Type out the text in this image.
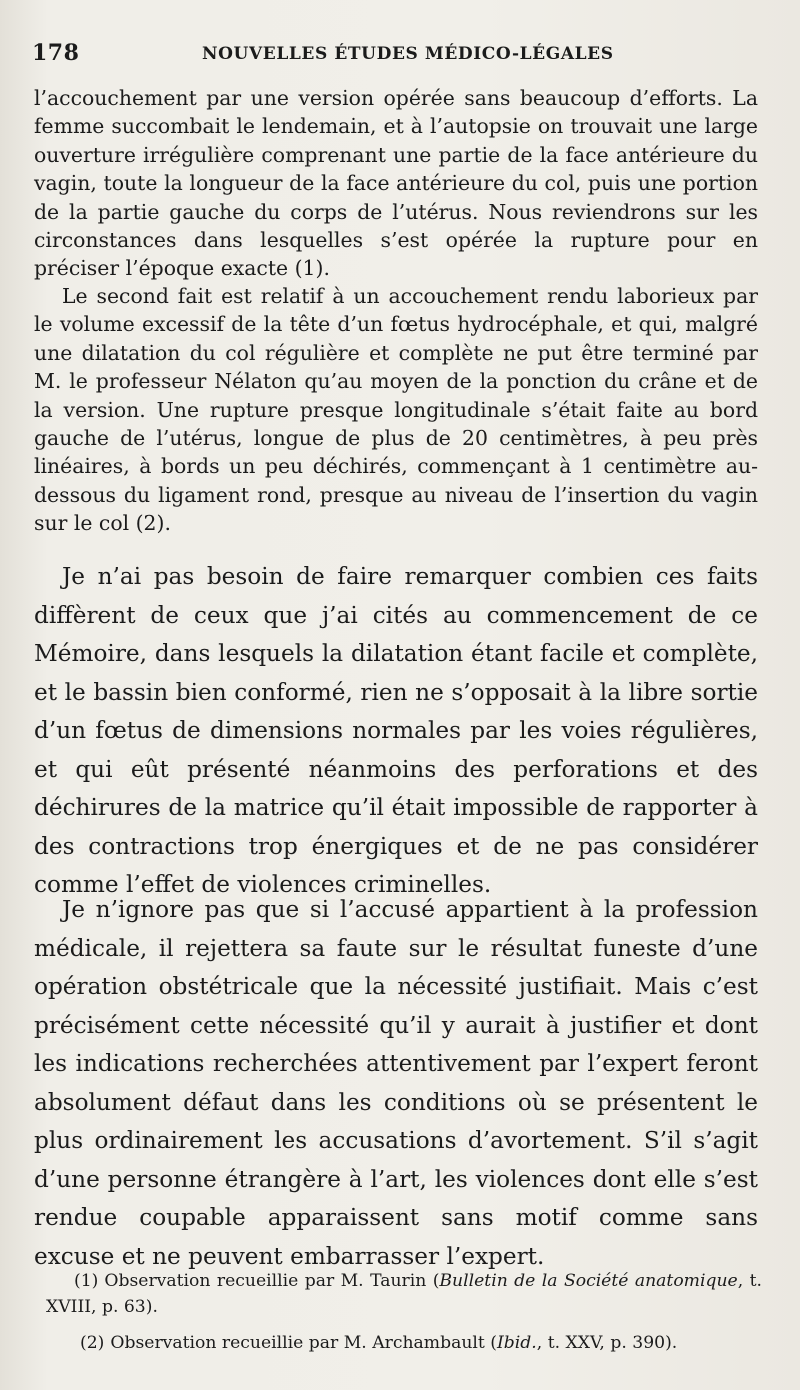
178	NOUVELLES ÉTUDES MÉDICO-LÉGALES

l’accouchement par une version opérée sans beaucoup d’efforts. La femme succombait le lendemain, et à l’autopsie on trouvait une large ouverture irrégulière comprenant une partie de la face antérieure du vagin, toute la longueur de la face antérieure du col, puis une portion de la partie gauche du corps de l’utérus. Nous reviendrons sur les circonstances dans lesquelles s’est opérée la rupture pour en préciser l’époque exacte (1).

Le second fait est relatif à un accouchement rendu laborieux par le volume excessif de la tête d’un fœtus hydrocéphale, et qui, malgré une dilatation du col régulière et complète ne put être terminé par M. le professeur Nélaton qu’au moyen de la ponction du crâne et de la version. Une rupture presque longitudinale s’était faite au bord gauche de l’utérus, longue de plus de 20 centimètres, à peu près linéaires, à bords un peu déchirés, commençant à 1 centimètre au-dessous du ligament rond, presque au niveau de l’insertion du vagin sur le col (2).

Je n’ai pas besoin de faire remarquer combien ces faits diffèrent de ceux que j’ai cités au commencement de ce Mémoire, dans lesquels la dilatation étant facile et complète, et le bassin bien conformé, rien ne s’opposait à la libre sortie d’un fœtus de dimensions normales par les voies régulières, et qui eût présenté néanmoins des perforations et des déchirures de la matrice qu’il était impossible de rapporter à des contractions trop énergiques et de ne pas considérer comme l’effet de violences criminelles.

Je n’ignore pas que si l’accusé appartient à la profession médicale, il rejettera sa faute sur le résultat funeste d’une opération obstétricale que la nécessité justifiait. Mais c’est précisément cette nécessité qu’il y aurait à justifier et dont les indications recherchées attentivement par l’expert feront absolument défaut dans les conditions où se présentent le plus ordinairement les accusations d’avortement. S’il s’agit d’une personne étrangère à l’art, les violences dont elle s’est rendue coupable apparaissent sans motif comme sans excuse et ne peuvent embarrasser l’expert.

(1) Observation recueillie par M. Taurin (Bulletin de la Société anatomique, t. XVIII, p. 63).

(2) Observation recueillie par M. Archambault (Ibid., t. XXV, p. 390).
